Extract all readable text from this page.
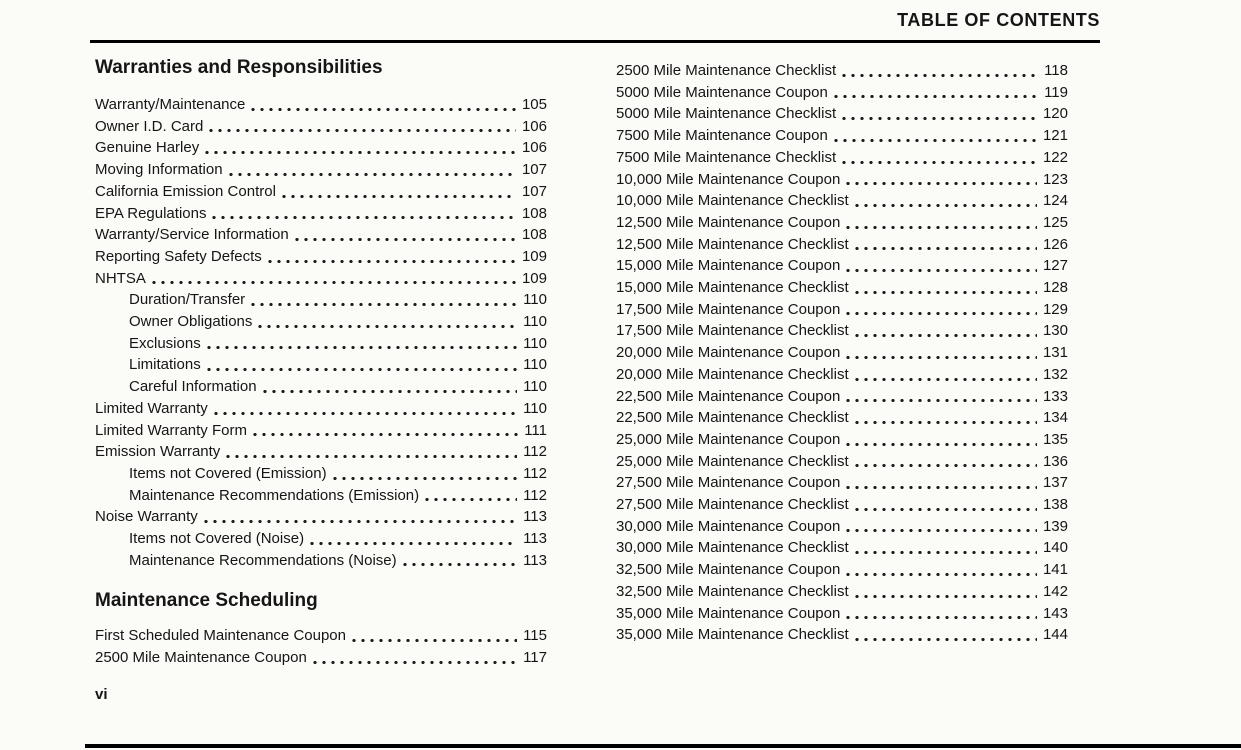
TABLE OF CONTENTS
Warranties and Responsibilities
Warranty/Maintenance	105
Owner I.D. Card	106
Genuine Harley	106
Moving Information	107
California Emission Control	107
EPA Regulations	108
Warranty/Service Information	108
Reporting Safety Defects	109
NHTSA	109
Duration/Transfer	110
Owner Obligations	110
Exclusions	110
Limitations	110
Careful Information	110
Limited Warranty	110
Limited Warranty Form	111
Emission Warranty	112
Items not Covered (Emission)	112
Maintenance Recommendations (Emission)	112
Noise Warranty	113
Items not Covered (Noise)	113
Maintenance Recommendations (Noise)	113
Maintenance Scheduling
First Scheduled Maintenance Coupon	115
2500 Mile Maintenance Coupon	117
2500 Mile Maintenance Checklist	118
5000 Mile Maintenance Coupon	119
5000 Mile Maintenance Checklist	120
7500 Mile Maintenance Coupon	121
7500 Mile Maintenance Checklist	122
10,000 Mile Maintenance Coupon	123
10,000 Mile Maintenance Checklist	124
12,500 Mile Maintenance Coupon	125
12,500 Mile Maintenance Checklist	126
15,000 Mile Maintenance Coupon	127
15,000 Mile Maintenance Checklist	128
17,500 Mile Maintenance Coupon	129
17,500 Mile Maintenance Checklist	130
20,000 Mile Maintenance Coupon	131
20,000 Mile Maintenance Checklist	132
22,500 Mile Maintenance Coupon	133
22,500 Mile Maintenance Checklist	134
25,000 Mile Maintenance Coupon	135
25,000 Mile Maintenance Checklist	136
27,500 Mile Maintenance Coupon	137
27,500 Mile Maintenance Checklist	138
30,000 Mile Maintenance Coupon	139
30,000 Mile Maintenance Checklist	140
32,500 Mile Maintenance Coupon	141
32,500 Mile Maintenance Checklist	142
35,000 Mile Maintenance Coupon	143
35,000 Mile Maintenance Checklist	144
vi
